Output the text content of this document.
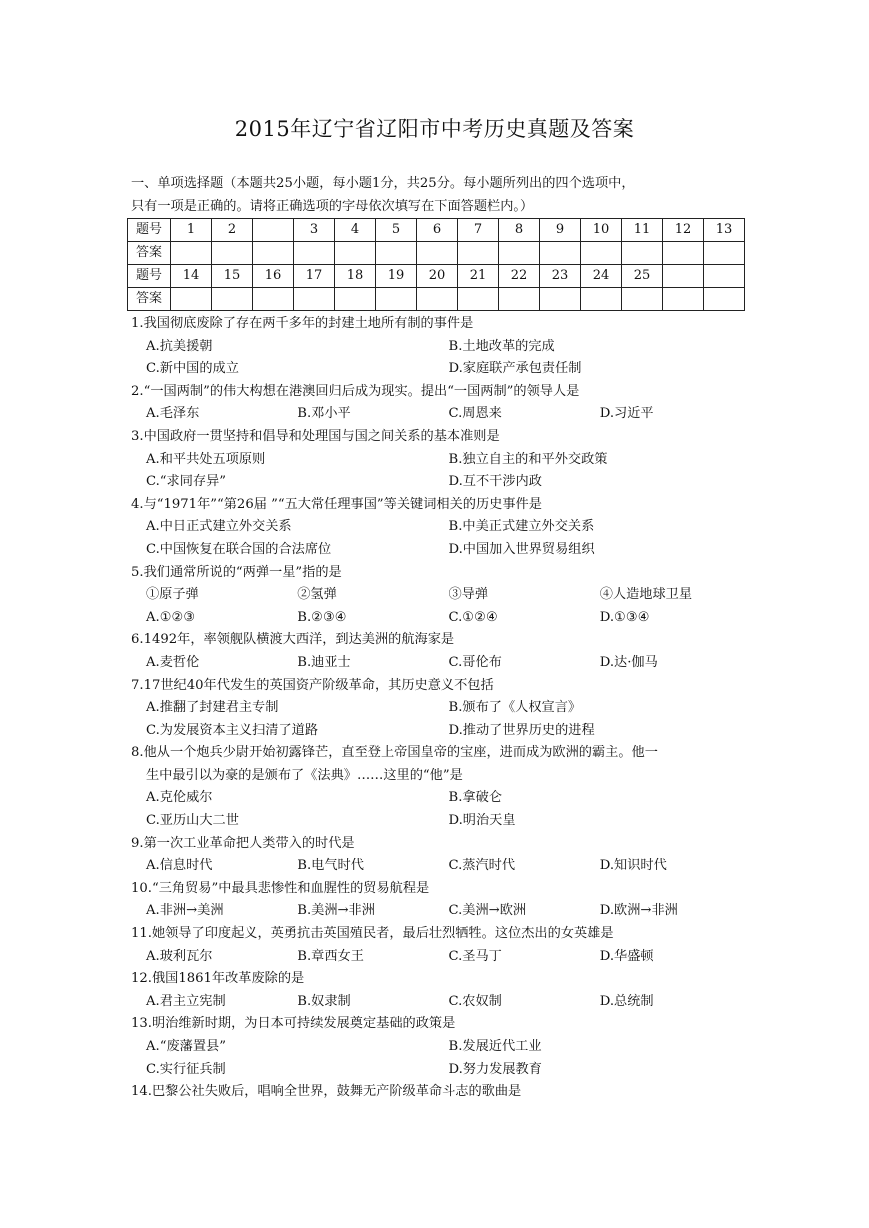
2015年辽宁省辽阳市中考历史真题及答案

一、单项选择题（本题共25小题，每小题1分，共25分。每小题所列出的四个选项中，

只有一项是正确的。请将正确选项的字母依次填写在下面答题栏内。）

题号	1	2		3	4	5	6	7	8	9	10	11	12	13
答案														
题号	14	15	16	17	18	19	20	21	22	23	24	25		
答案														
1.我国彻底废除了存在两千多年的封建土地所有制的事件是
A.抗美援朝	B.土地改革的完成
C.新中国的成立	D.家庭联产承包责任制
2.“一国两制”的伟大构想在港澳回归后成为现实。提出“一国两制”的领导人是
A.毛泽东	B.邓小平	C.周恩来	D.习近平
3.中国政府一贯坚持和倡导和处理国与国之间关系的基本准则是
A.和平共处五项原则	B.独立自主的和平外交政策
C.“求同存异”	D.互不干涉内政
4.与“1971年”“第26届 ”“五大常任理事国”等关键词相关的历史事件是
A.中日正式建立外交关系	B.中美正式建立外交关系
C.中国恢复在联合国的合法席位	D.中国加入世界贸易组织
5.我们通常所说的“两弹一星”指的是
①原子弹	②氢弹	③导弹	④人造地球卫星
A.①②③	B.②③④	C.①②④	D.①③④
6.1492年，率领舰队横渡大西洋，到达美洲的航海家是
A.麦哲伦	B.迪亚士	C.哥伦布	D.达·伽马
7.17世纪40年代发生的英国资产阶级革命，其历史意义不包括
A.推翻了封建君主专制	B.颁布了《人权宣言》
C.为发展资本主义扫清了道路	D.推动了世界历史的进程
8.他从一个炮兵少尉开始初露锋芒，直至登上帝国皇帝的宝座，进而成为欧洲的霸主。他一
生中最引以为豪的是颁布了《法典》……这里的“他”是
A.克伦威尔	B.拿破仑
C.亚历山大二世	D.明治天皇
9.第一次工业革命把人类带入的时代是
A.信息时代	B.电气时代	C.蒸汽时代	D.知识时代
10.“三角贸易”中最具悲惨性和血腥性的贸易航程是
A.非洲→美洲	B.美洲→非洲	C.美洲→欧洲	D.欧洲→非洲
11.她领导了印度起义，英勇抗击英国殖民者，最后壮烈牺牲。这位杰出的女英雄是
A.玻利瓦尔	B.章西女王	C.圣马丁	D.华盛顿
12.俄国1861年改革废除的是
A.君主立宪制	B.奴隶制	C.农奴制	D.总统制
13.明治维新时期，为日本可持续发展奠定基础的政策是
A.“废藩置县”	B.发展近代工业
C.实行征兵制	D.努力发展教育
14.巴黎公社失败后，唱响全世界，鼓舞无产阶级革命斗志的歌曲是
